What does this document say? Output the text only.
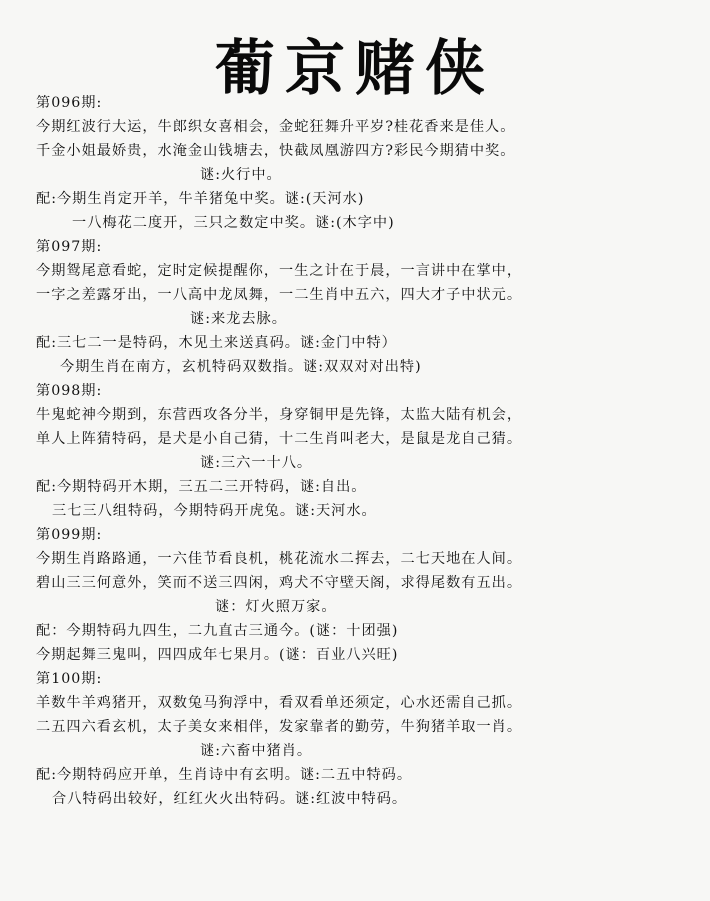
葡京赌侠
第096期:
今期红波行大运，牛郎织女喜相会，金蛇狂舞升平岁?桂花香来是佳人。
千金小姐最娇贵，水淹金山钱塘去，快截凤凰游四方?彩民今期猜中奖。
谜:火行中。
配:今期生肖定开羊，牛羊猪兔中奖。谜:(天河水)
一八梅花二度开，三只之数定中奖。谜:(木字中)
第097期:
今期鸳尾意看蛇，定时定候提醒你，一生之计在于晨，一言讲中在掌中，
一字之差露牙出，一八高中龙凤舞，一二生肖中五六，四大才子中状元。
谜:来龙去脉。
配:三七二一是特码，木见土来送真码。谜:金门中特）
今期生肖在南方，玄机特码双数指。谜:双双对对出特)
第098期:
牛鬼蛇神今期到，东营西攻各分半，身穿铜甲是先锋，太监大陆有机会，
单人上阵猜特码，是犬是小自己猜，十二生肖叫老大，是鼠是龙自己猜。
谜:三六一十八。
配:今期特码开木期，三五二三开特码，谜:自出。
三七三八组特码，今期特码开虎兔。谜:天河水。
第099期:
今期生肖路路通，一六佳节看良机，桃花流水二挥去，二七天地在人间。
碧山三三何意外，笑而不送三四闲，鸡犬不守壁天阁，求得尾数有五出。
谜：灯火照万家。
配：今期特码九四生，二九直古三通今。(谜：十团强)
今期起舞三鬼叫，四四成年七果月。(谜：百业八兴旺)
第100期:
羊数牛羊鸡猪开，双数兔马狗浮中，看双看单还须定，心水还需自己抓。
二五四六看玄机，太子美女来相伴，发家靠者的勤劳，牛狗猪羊取一肖。
谜:六畜中猪肖。
配:今期特码应开单，生肖诗中有玄明。谜:二五中特码。
合八特码出较好，红红火火出特码。谜:红波中特码。
